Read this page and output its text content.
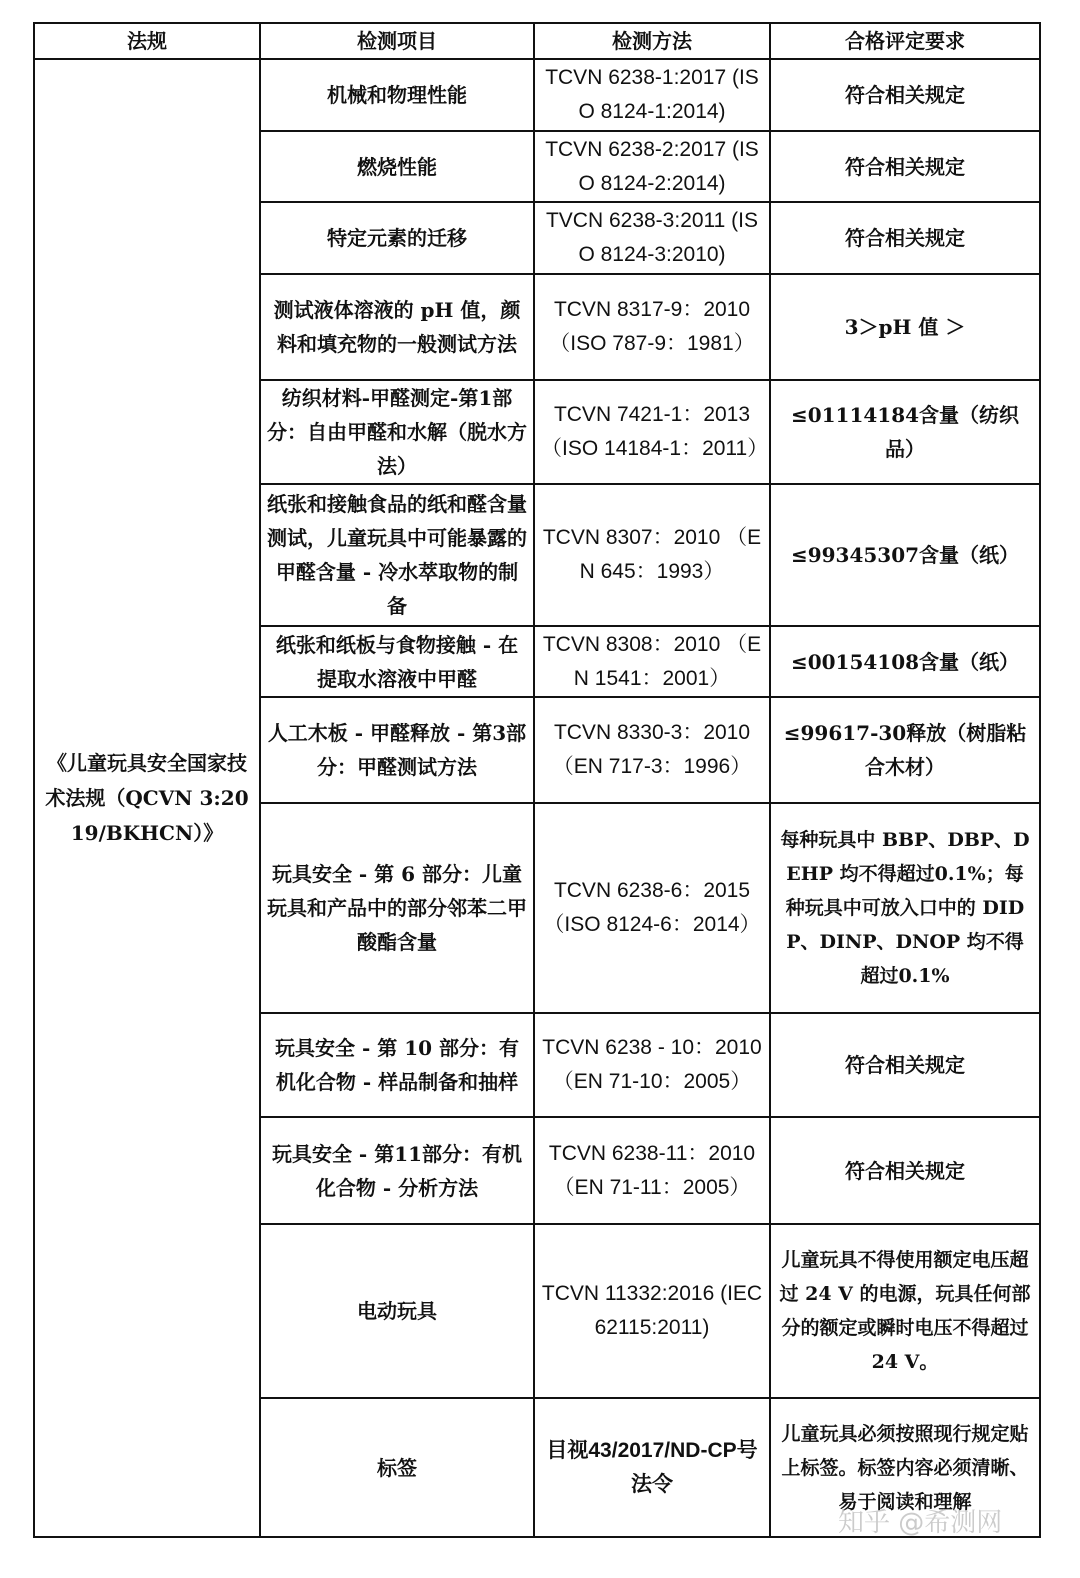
法规	检测项目	检测方法	合格评定要求
《儿童玩具安全国家技术法规（QCVN 3:2019/BKHCN）》	机械和物理性能	TCVN 6238-1:2017 (ISO 8124-1:2014)	符合相关规定
	燃烧性能	TCVN 6238-2:2017 (ISO 8124-2:2014)	符合相关规定
	特定元素的迁移	TVCN 6238-3:2011 (ISO 8124-3:2010)	符合相关规定
	测试液体溶液的 pH 值，颜料和填充物的一般测试方法	TCVN 8317-9：2010 （ISO 787-9：1981）	3＞pH 值 ＞
	纺织材料-甲醛测定-第1部分：自由甲醛和水解（脱水方法）	TCVN 7421-1：2013（ISO 14184-1：2011）	≤01114184含量（纺织品）
	纸张和接触食品的纸和醛含量测试，儿童玩具中可能暴露的甲醛含量 - 冷水萃取物的制备	TCVN 8307：2010 （EN 645：1993）	≤99345307含量（纸）
	纸张和纸板与食物接触 - 在提取水溶液中甲醛	TCVN 8308：2010 （EN 1541：2001）	≤00154108含量（纸）
	人工木板 - 甲醛释放 - 第3部分：甲醛测试方法	TCVN 8330-3：2010（EN 717-3：1996）	≤99617-30释放（树脂粘合木材）
	玩具安全 - 第 6 部分：儿童玩具和产品中的部分邻苯二甲酸酯含量	TCVN 6238-6：2015 （ISO 8124-6：2014）	每种玩具中 BBP、DBP、DEHP 均不得超过0.1%；每种玩具中可放入口中的 DIDP、DINP、DNOP 均不得超过0.1%
	玩具安全 - 第 10 部分：有机化合物 - 样品制备和抽样	TCVN 6238 - 10：2010 （EN 71-10：2005）	符合相关规定
	玩具安全 - 第11部分：有机化合物 - 分析方法	TCVN 6238-11：2010（EN 71-11：2005）	符合相关规定
	电动玩具	TCVN 11332:2016 (IEC 62115:2011)	儿童玩具不得使用额定电压超过 24 V 的电源，玩具任何部分的额定或瞬时电压不得超过 24 V。
	标签	目视43/2017/ND-CP号法令	儿童玩具必须按照现行规定贴上标签。标签内容必须清晰、易于阅读和理解
知乎 @希测网
